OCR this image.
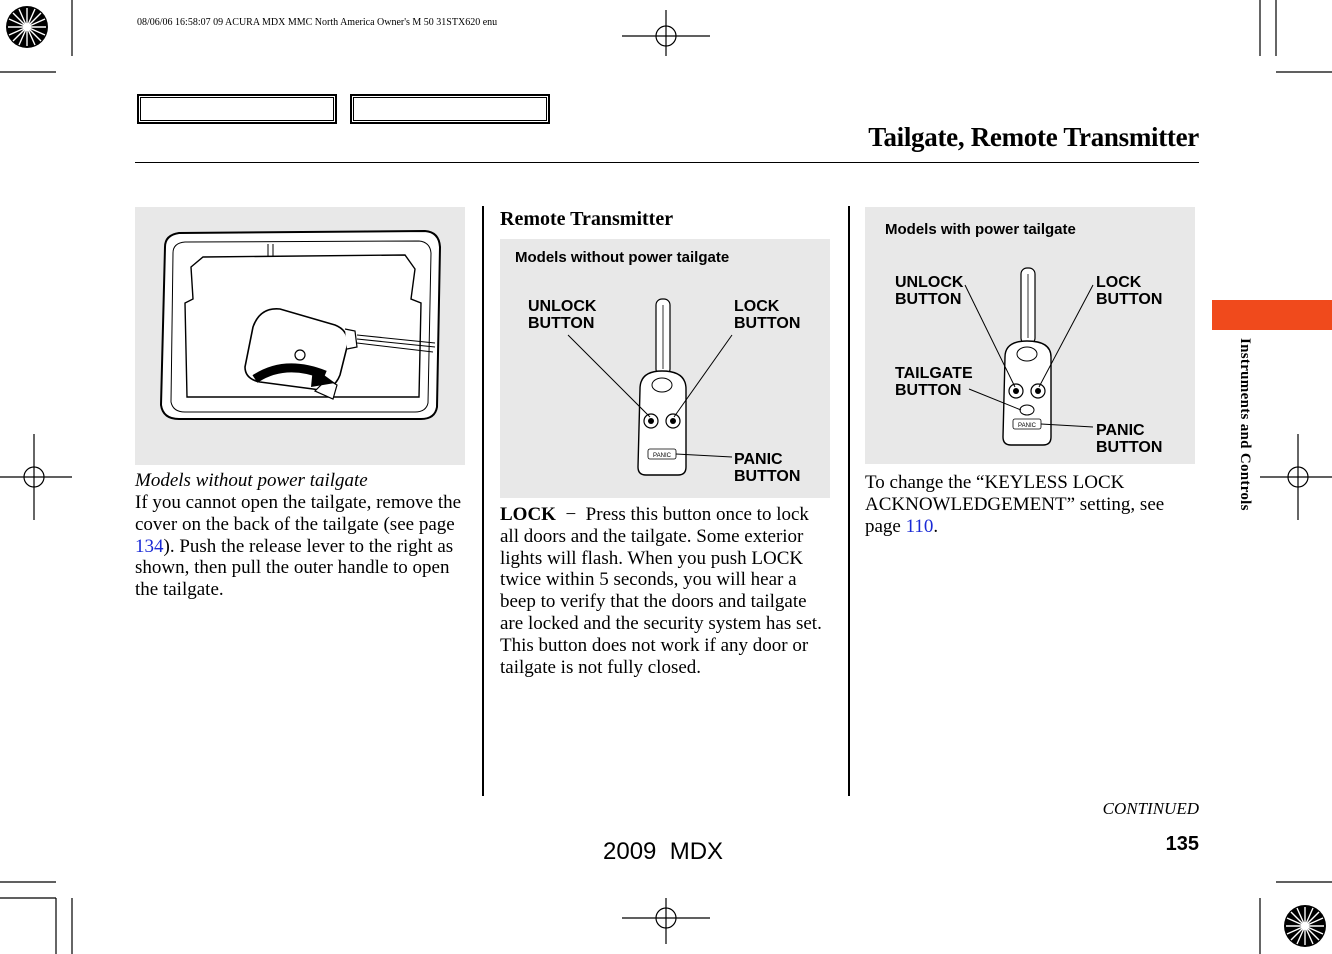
08/06/06 16:58:07 09 ACURA MDX MMC North America Owner's M 50 31STX620 enu
Tailgate, Remote Transmitter
Models without power tailgate
If you cannot open the tailgate, remove the cover on the back of the tailgate (see page 134). Push the release lever to the right as shown, then pull the outer handle to open the tailgate.
Remote Transmitter
Models without power tailgate
UNLOCK
BUTTON
LOCK
BUTTON
PANIC
BUTTON
PANIC
LOCK − Press this button once to lock all doors and the tailgate. Some exterior lights will flash. When you push LOCK twice within 5 seconds, you will hear a beep to verify that the doors and tailgate are locked and the security system has set. This button does not work if any door or tailgate is not fully closed.
Models with power tailgate
UNLOCK
BUTTON
LOCK
BUTTON
TAILGATE
BUTTON
PANIC
BUTTON
PANIC
To change the “KEYLESS LOCK ACKNOWLEDGEMENT” setting, see page 110.
Instruments and Controls
CONTINUED
135
2009  MDX
